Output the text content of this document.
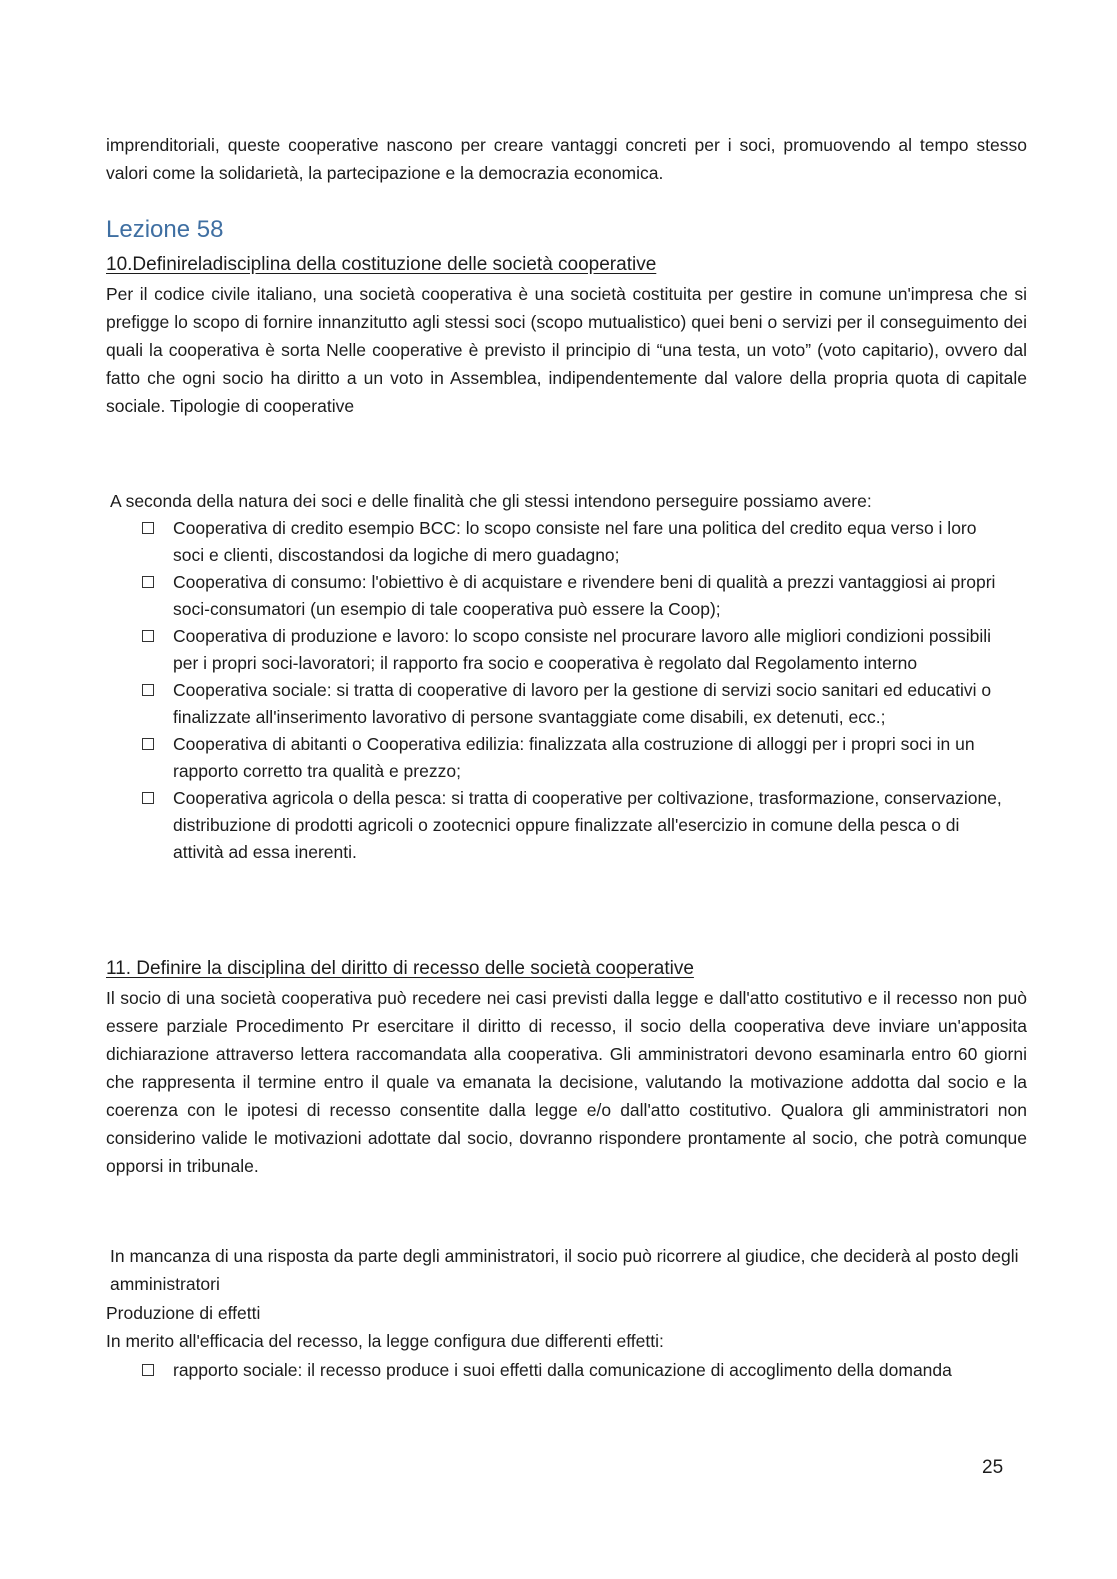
imprenditoriali, queste cooperative nascono per creare vantaggi concreti per i soci, promuovendo al tempo stesso valori come la solidarietà, la partecipazione e la democrazia economica.
Lezione 58
10.Definireladisciplina della costituzione delle società cooperative
Per il codice civile italiano, una società cooperativa è una società costituita per gestire in comune un'impresa che si prefigge lo scopo di fornire innanzitutto agli stessi soci (scopo mutualistico) quei beni o servizi per il conseguimento dei quali la cooperativa è sorta Nelle cooperative è previsto il principio di “una testa, un voto” (voto capitario), ovvero dal fatto che ogni socio ha diritto a un voto in Assemblea, indipendentemente dal valore della propria quota di capitale sociale. Tipologie di cooperative
A seconda della natura dei soci e delle finalità che gli stessi intendono perseguire possiamo avere:
Cooperativa di credito esempio BCC: lo scopo consiste nel fare una politica del credito equa verso i loro soci e clienti, discostandosi da logiche di mero guadagno;
Cooperativa di consumo: l'obiettivo è di acquistare e rivendere beni di qualità a prezzi vantaggiosi ai propri soci-consumatori (un esempio di tale cooperativa può essere la Coop);
Cooperativa di produzione e lavoro: lo scopo consiste nel procurare lavoro alle migliori condizioni possibili per i propri soci-lavoratori; il rapporto fra socio e cooperativa è regolato dal Regolamento interno
Cooperativa sociale: si tratta di cooperative di lavoro per la gestione di servizi socio sanitari ed educativi o finalizzate all'inserimento lavorativo di persone svantaggiate come disabili, ex detenuti, ecc.;
Cooperativa di abitanti o Cooperativa edilizia: finalizzata alla costruzione di alloggi per i propri soci in un rapporto corretto tra qualità e prezzo;
Cooperativa agricola o della pesca: si tratta di cooperative per coltivazione, trasformazione, conservazione, distribuzione di prodotti agricoli o zootecnici oppure finalizzate all'esercizio in comune della pesca o di attività ad essa inerenti.
11. Definire la disciplina del diritto di recesso delle società cooperative
Il socio di una società cooperativa può recedere nei casi previsti dalla legge e dall'atto costitutivo e il recesso non può essere parziale Procedimento Pr esercitare il diritto di recesso, il socio della cooperativa deve inviare un'apposita dichiarazione attraverso lettera raccomandata alla cooperativa. Gli amministratori devono esaminarla entro 60 giorni che rappresenta il termine entro il quale va emanata la decisione, valutando la motivazione addotta dal socio e la coerenza con le ipotesi di recesso consentite dalla legge e/o dall'atto costitutivo. Qualora gli amministratori non considerino valide le motivazioni adottate dal socio, dovranno rispondere prontamente al socio, che potrà comunque opporsi in tribunale.
In mancanza di una risposta da parte degli amministratori, il socio può ricorrere al giudice, che deciderà al posto degli amministratori
Produzione di effetti
In merito all'efficacia del recesso, la legge configura due differenti effetti:
rapporto sociale: il recesso produce i suoi effetti dalla comunicazione di accoglimento della domanda
25
